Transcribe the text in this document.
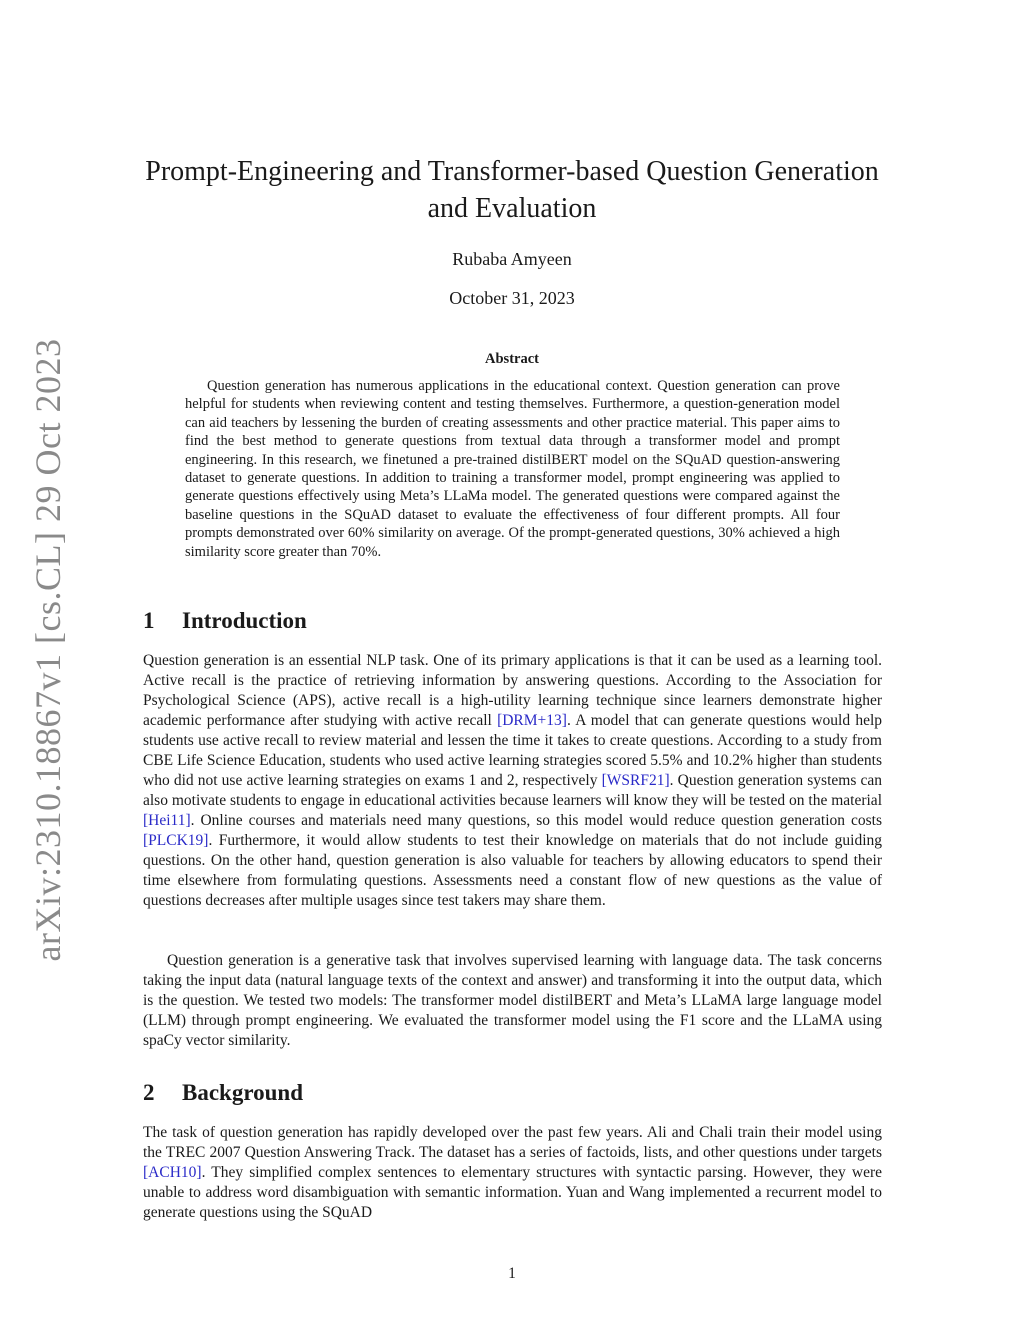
arXiv:2310.18867v1 [cs.CL] 29 Oct 2023
Prompt-Engineering and Transformer-based Question Generation and Evaluation
Rubaba Amyeen
October 31, 2023
Abstract

Question generation has numerous applications in the educational context. Question generation can prove helpful for students when reviewing content and testing themselves. Furthermore, a question-generation model can aid teachers by lessening the burden of creating assessments and other practice material. This paper aims to find the best method to generate questions from textual data through a transformer model and prompt engineering. In this research, we finetuned a pre-trained distilBERT model on the SQuAD question-answering dataset to generate questions. In addition to training a transformer model, prompt engineering was applied to generate questions effectively using Meta’s LLaMa model. The generated questions were compared against the baseline questions in the SQuAD dataset to evaluate the effectiveness of four different prompts. All four prompts demonstrated over 60% similarity on average. Of the prompt-generated questions, 30% achieved a high similarity score greater than 70%.

1 Introduction

Question generation is an essential NLP task. One of its primary applications is that it can be used as a learning tool. Active recall is the practice of retrieving information by answering questions. According to the Association for Psychological Science (APS), active recall is a high-utility learning technique since learners demonstrate higher academic performance after studying with active recall [DRM+13]. A model that can generate questions would help students use active recall to review material and lessen the time it takes to create questions. According to a study from CBE Life Science Education, students who used active learning strategies scored 5.5% and 10.2% higher than students who did not use active learning strategies on exams 1 and 2, respectively [WSRF21]. Question generation systems can also motivate students to engage in educational activities because learners will know they will be tested on the material [Hei11]. Online courses and materials need many questions, so this model would reduce question generation costs [PLCK19]. Furthermore, it would allow students to test their knowledge on materials that do not include guiding questions. On the other hand, question generation is also valuable for teachers by allowing educators to spend their time elsewhere from formulating questions. Assessments need a constant flow of new questions as the value of questions decreases after multiple usages since test takers may share them.

Question generation is a generative task that involves supervised learning with language data. The task concerns taking the input data (natural language texts of the context and answer) and transforming it into the output data, which is the question. We tested two models: The transformer model distilBERT and Meta’s LLaMA large language model (LLM) through prompt engineering. We evaluated the transformer model using the F1 score and the LLaMA using spaCy vector similarity.

2 Background

The task of question generation has rapidly developed over the past few years. Ali and Chali train their model using the TREC 2007 Question Answering Track. The dataset has a series of factoids, lists, and other questions under targets [ACH10]. They simplified complex sentences to elementary structures with syntactic parsing. However, they were unable to address word disambiguation with semantic information. Yuan and Wang implemented a recurrent model to generate questions using the SQuAD

1
